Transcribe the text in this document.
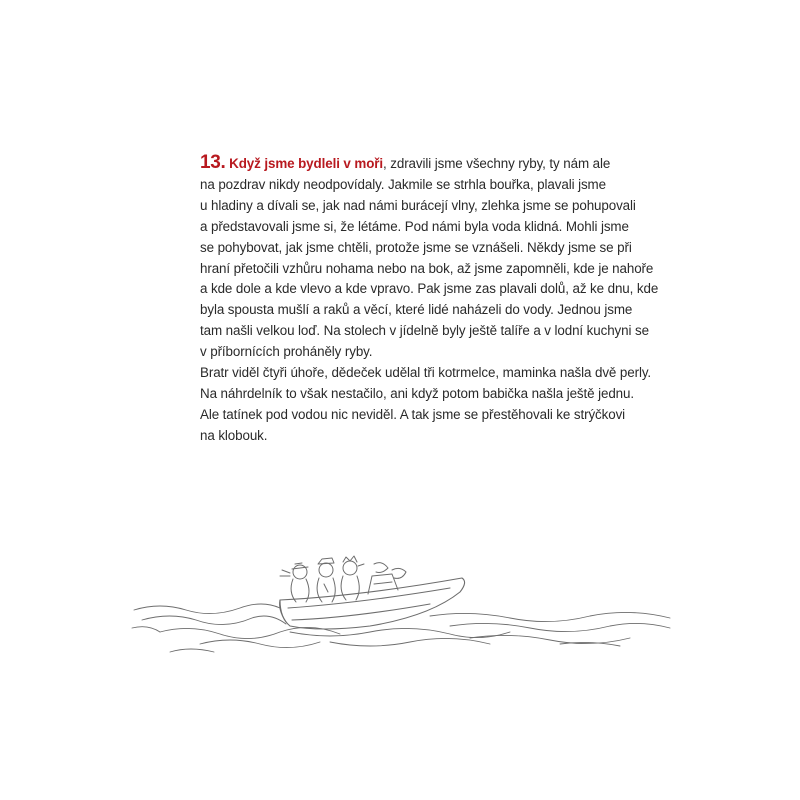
13. Když jsme bydleli v moři, zdravili jsme všechny ryby, ty nám ale
na pozdrav nikdy neodpovídaly. Jakmile se strhla bouřka, plavali jsme
u hladiny a dívali se, jak nad námi burácejí vlny, zlehka jsme se pohupovali
a představovali jsme si, že létáme. Pod námi byla voda klidná. Mohli jsme
se pohybovat, jak jsme chtěli, protože jsme se vznášeli. Někdy jsme se při
hraní přetočili vzhůru nohama nebo na bok, až jsme zapomněli, kde je nahoře
a kde dole a kde vlevo a kde vpravo. Pak jsme zas plavali dolů, až ke dnu, kde
byla spousta mušlí a raků a věcí, které lidé naházeli do vody. Jednou jsme
tam našli velkou loď. Na stolech v jídelně byly ještě talíře a v lodní kuchyni se
v příbornících proháněly ryby.
Bratr viděl čtyři úhoře, dědeček udělal tři kotrmelce, maminka našla dvě perly.
Na náhrdelník to však nestačilo, ani když potom babička našla ještě jednu.
Ale tatínek pod vodou nic neviděl. A tak jsme se přestěhovali ke strýčkovi
na klobouk.
